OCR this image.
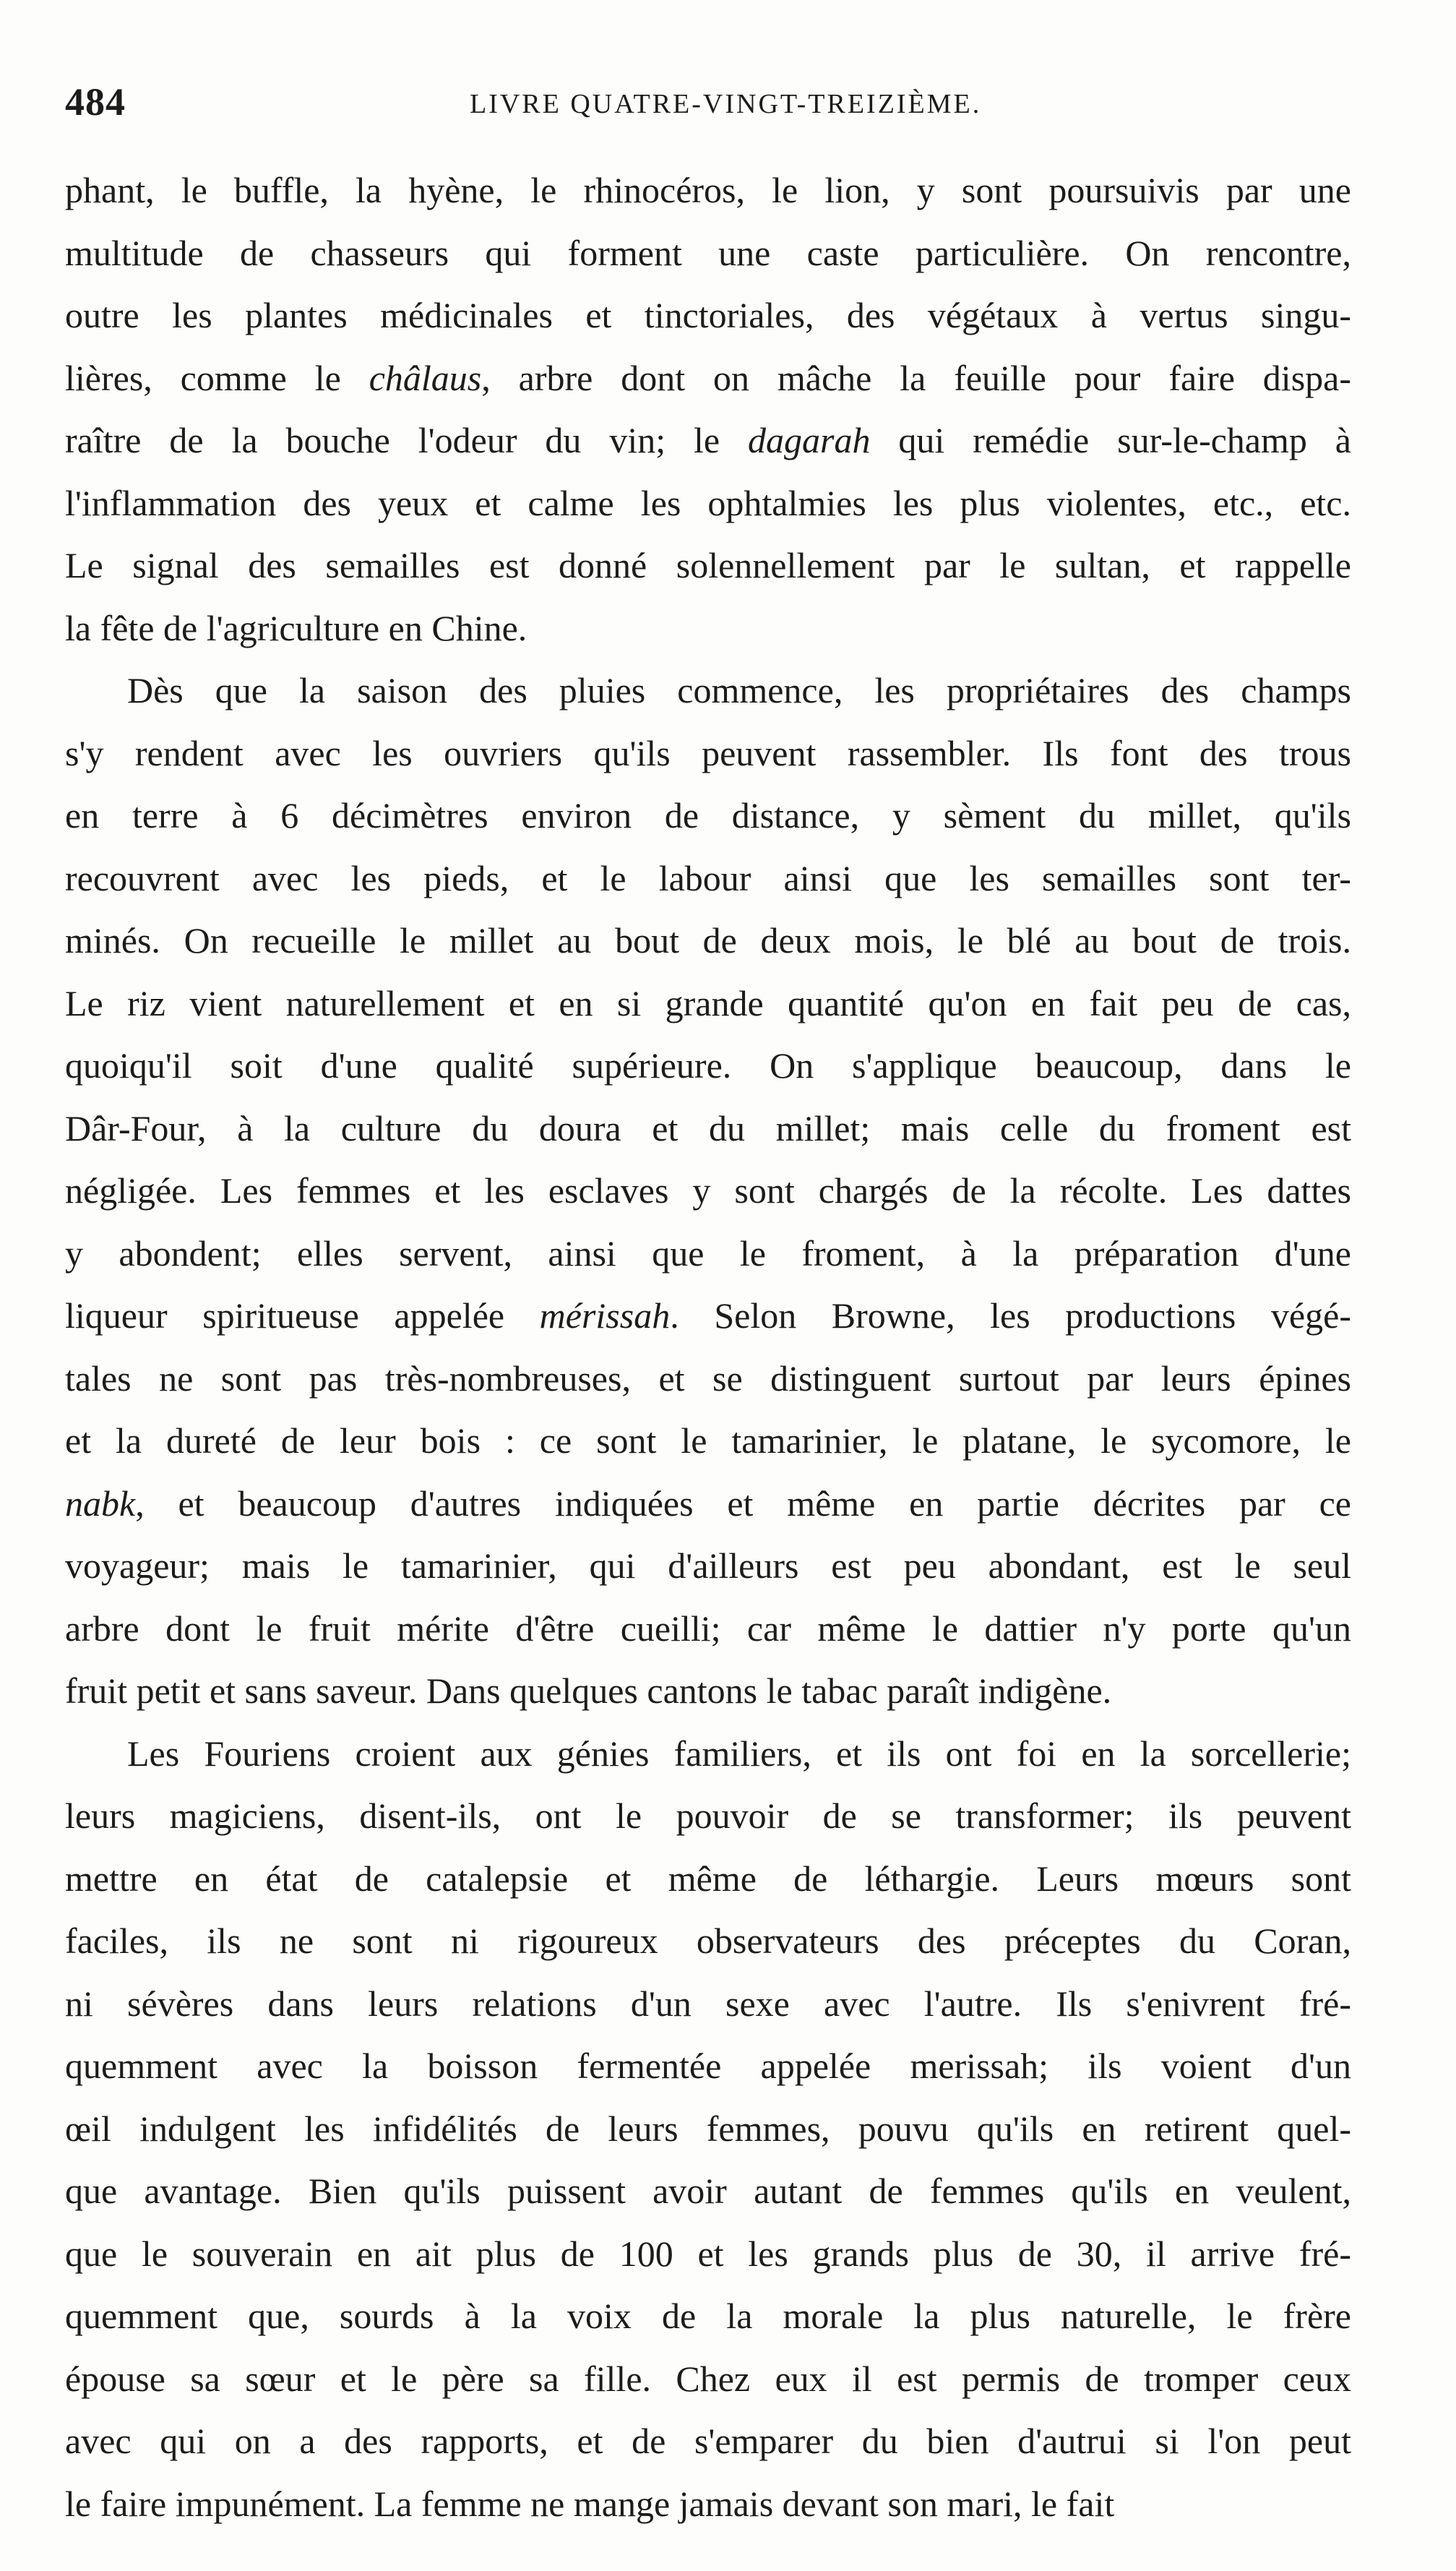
484	LIVRE QUATRE-VINGT-TREIZIÈME.
phant, le buffle, la hyène, le rhinocéros, le lion, y sont poursuivis par une
multitude de chasseurs qui forment une caste particulière. On rencontre,
outre les plantes médicinales et tinctoriales, des végétaux à vertus singu-
lières, comme le châlaus, arbre dont on mâche la feuille pour faire dispa-
raître de la bouche l'odeur du vin; le dagarah qui remédie sur-le-champ à
l'inflammation des yeux et calme les ophtalmies les plus violentes, etc., etc.
Le signal des semailles est donné solennellement par le sultan, et rappelle
la fête de l'agriculture en Chine.
Dès que la saison des pluies commence, les propriétaires des champs
s'y rendent avec les ouvriers qu'ils peuvent rassembler. Ils font des trous
en terre à 6 décimètres environ de distance, y sèment du millet, qu'ils
recouvrent avec les pieds, et le labour ainsi que les semailles sont ter-
minés. On recueille le millet au bout de deux mois, le blé au bout de trois.
Le riz vient naturellement et en si grande quantité qu'on en fait peu de cas,
quoiqu'il soit d'une qualité supérieure. On s'applique beaucoup, dans le
Dâr-Four, à la culture du doura et du millet; mais celle du froment est
négligée. Les femmes et les esclaves y sont chargés de la récolte. Les dattes
y abondent; elles servent, ainsi que le froment, à la préparation d'une
liqueur spiritueuse appelée mérissah. Selon Browne, les productions végé-
tales ne sont pas très-nombreuses, et se distinguent surtout par leurs épines
et la dureté de leur bois : ce sont le tamarinier, le platane, le sycomore, le
nabk, et beaucoup d'autres indiquées et même en partie décrites par ce
voyageur; mais le tamarinier, qui d'ailleurs est peu abondant, est le seul
arbre dont le fruit mérite d'être cueilli; car même le dattier n'y porte qu'un
fruit petit et sans saveur. Dans quelques cantons le tabac paraît indigène.
Les Fouriens croient aux génies familiers, et ils ont foi en la sorcellerie;
leurs magiciens, disent-ils, ont le pouvoir de se transformer; ils peuvent
mettre en état de catalepsie et même de léthargie. Leurs mœurs sont
faciles, ils ne sont ni rigoureux observateurs des préceptes du Coran,
ni sévères dans leurs relations d'un sexe avec l'autre. Ils s'enivrent fré-
quemment avec la boisson fermentée appelée merissah; ils voient d'un
œil indulgent les infidélités de leurs femmes, pouvu qu'ils en retirent quel-
que avantage. Bien qu'ils puissent avoir autant de femmes qu'ils en veulent,
que le souverain en ait plus de 100 et les grands plus de 30, il arrive fré-
quemment que, sourds à la voix de la morale la plus naturelle, le frère
épouse sa sœur et le père sa fille. Chez eux il est permis de tromper ceux
avec qui on a des rapports, et de s'emparer du bien d'autrui si l'on peut
le faire impunément. La femme ne mange jamais devant son mari, le fait
